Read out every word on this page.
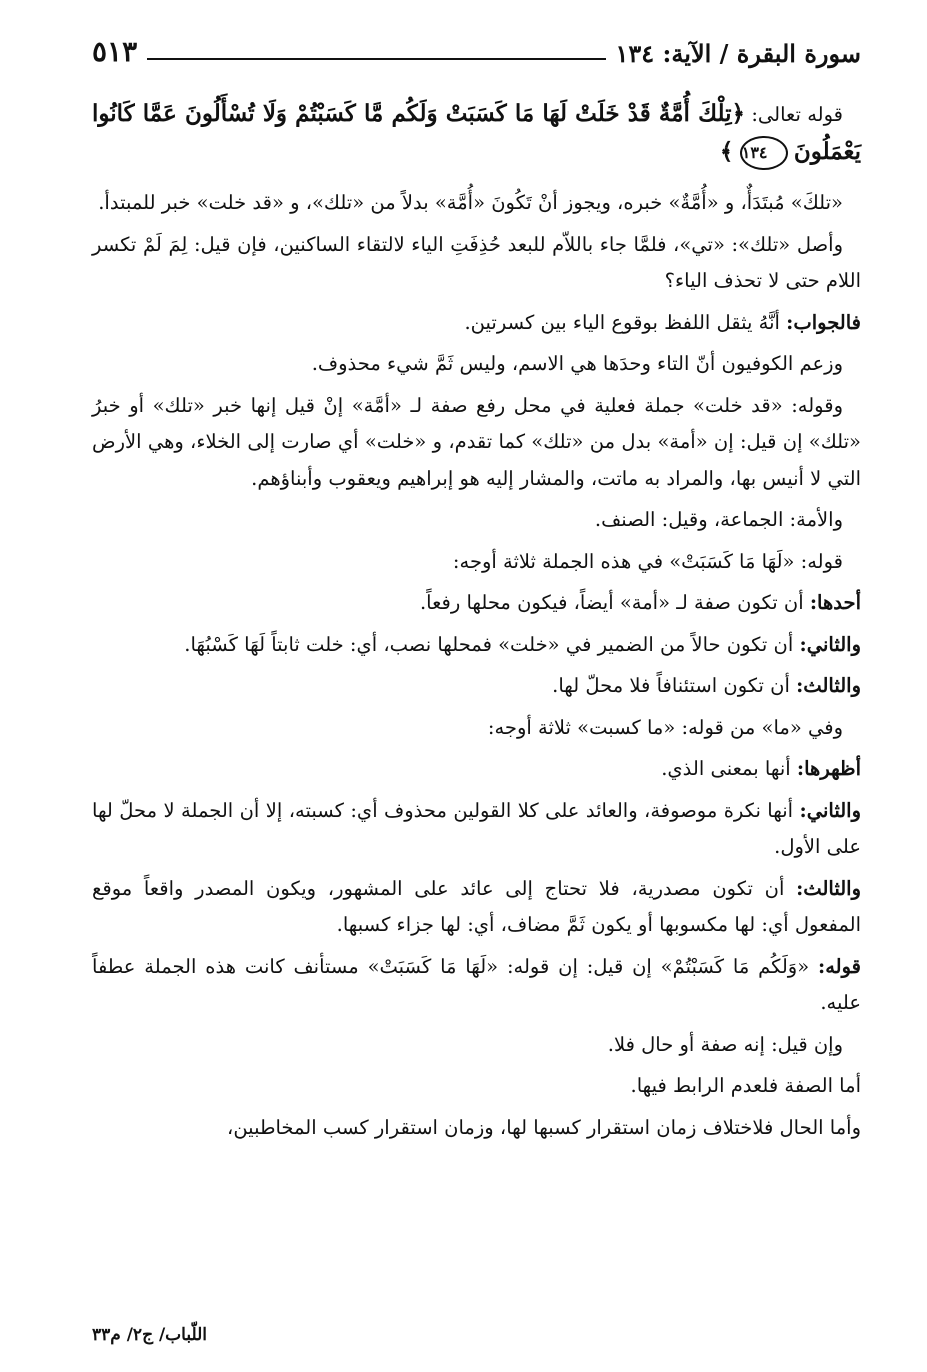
سورة البقرة / الآية: ١٣٤
٥١٣

قوله تعالى: ﴿تِلْكَ أُمَّةٌ قَدْ خَلَتْ لَهَا مَا كَسَبَتْ وَلَكُم مَّا كَسَبْتُمْ وَلَا تُسْأَلُونَ عَمَّا كَانُوا يَعْمَلُونَ ١٣٤ ﴾

«تلكَ» مُبتَدَأٌ، و «أُمَّةٌ» خبره، ويجوز أنْ تَكُونَ «أُمَّة» بدلاً من «تلك»، و «قد خلت» خبر للمبتدأ.

وأصل «تلك»: «تي»، فلمَّا جاء باللاّم للبعد حُذِفَتِ الياء لالتقاء الساكنين، فإن قيل: لِمَ لَمْ تكسر اللام حتى لا تحذف الياء؟

فالجواب: أنَّهُ يثقل اللفظ بوقوع الياء بين كسرتين.

وزعم الكوفيون أنّ التاء وحدَها هي الاسم، وليس ثَمَّ شيء محذوف.

وقوله: «قد خلت» جملة فعلية في محل رفع صفة لـ «أمَّة» إنْ قيل إنها خبر «تلك» أو خبرُ «تلك» إن قيل: إن «أمة» بدل من «تلك» كما تقدم، و «خلت» أي صارت إلى الخلاء، وهي الأرض التي لا أنيس بها، والمراد به ماتت، والمشار إليه هو إبراهيم ويعقوب وأبناؤهم.

والأمة: الجماعة، وقيل: الصنف.

قوله: «لَهَا مَا كَسَبَتْ» في هذه الجملة ثلاثة أوجه:

أحدها: أن تكون صفة لـ «أمة» أيضاً، فيكون محلها رفعاً.

والثاني: أن تكون حالاً من الضمير في «خلت» فمحلها نصب، أي: خلت ثابتاً لَهَا كَسْبُهَا.

والثالث: أن تكون استئنافاً فلا محلّ لها.

وفي «ما» من قوله: «ما كسبت» ثلاثة أوجه:

أظهرها: أنها بمعنى الذي.

والثاني: أنها نكرة موصوفة، والعائد على كلا القولين محذوف أي: كسبته، إلا أن الجملة لا محلّ لها على الأول.

والثالث: أن تكون مصدرية، فلا تحتاج إلى عائد على المشهور، ويكون المصدر واقعاً موقع المفعول أي: لها مكسوبها أو يكون ثَمَّ مضاف، أي: لها جزاء كسبها.

قوله: «وَلَكُم مَا كَسَبْتُمْ» إن قيل: إن قوله: «لَهَا مَا كَسَبَتْ» مستأنف كانت هذه الجملة عطفاً عليه.

وإن قيل: إنه صفة أو حال فلا.

أما الصفة فلعدم الرابط فيها.

وأما الحال فلاختلاف زمان استقرار كسبها لها، وزمان استقرار كسب المخاطبين،

اللّباب/ ج٢/ م٣٣
